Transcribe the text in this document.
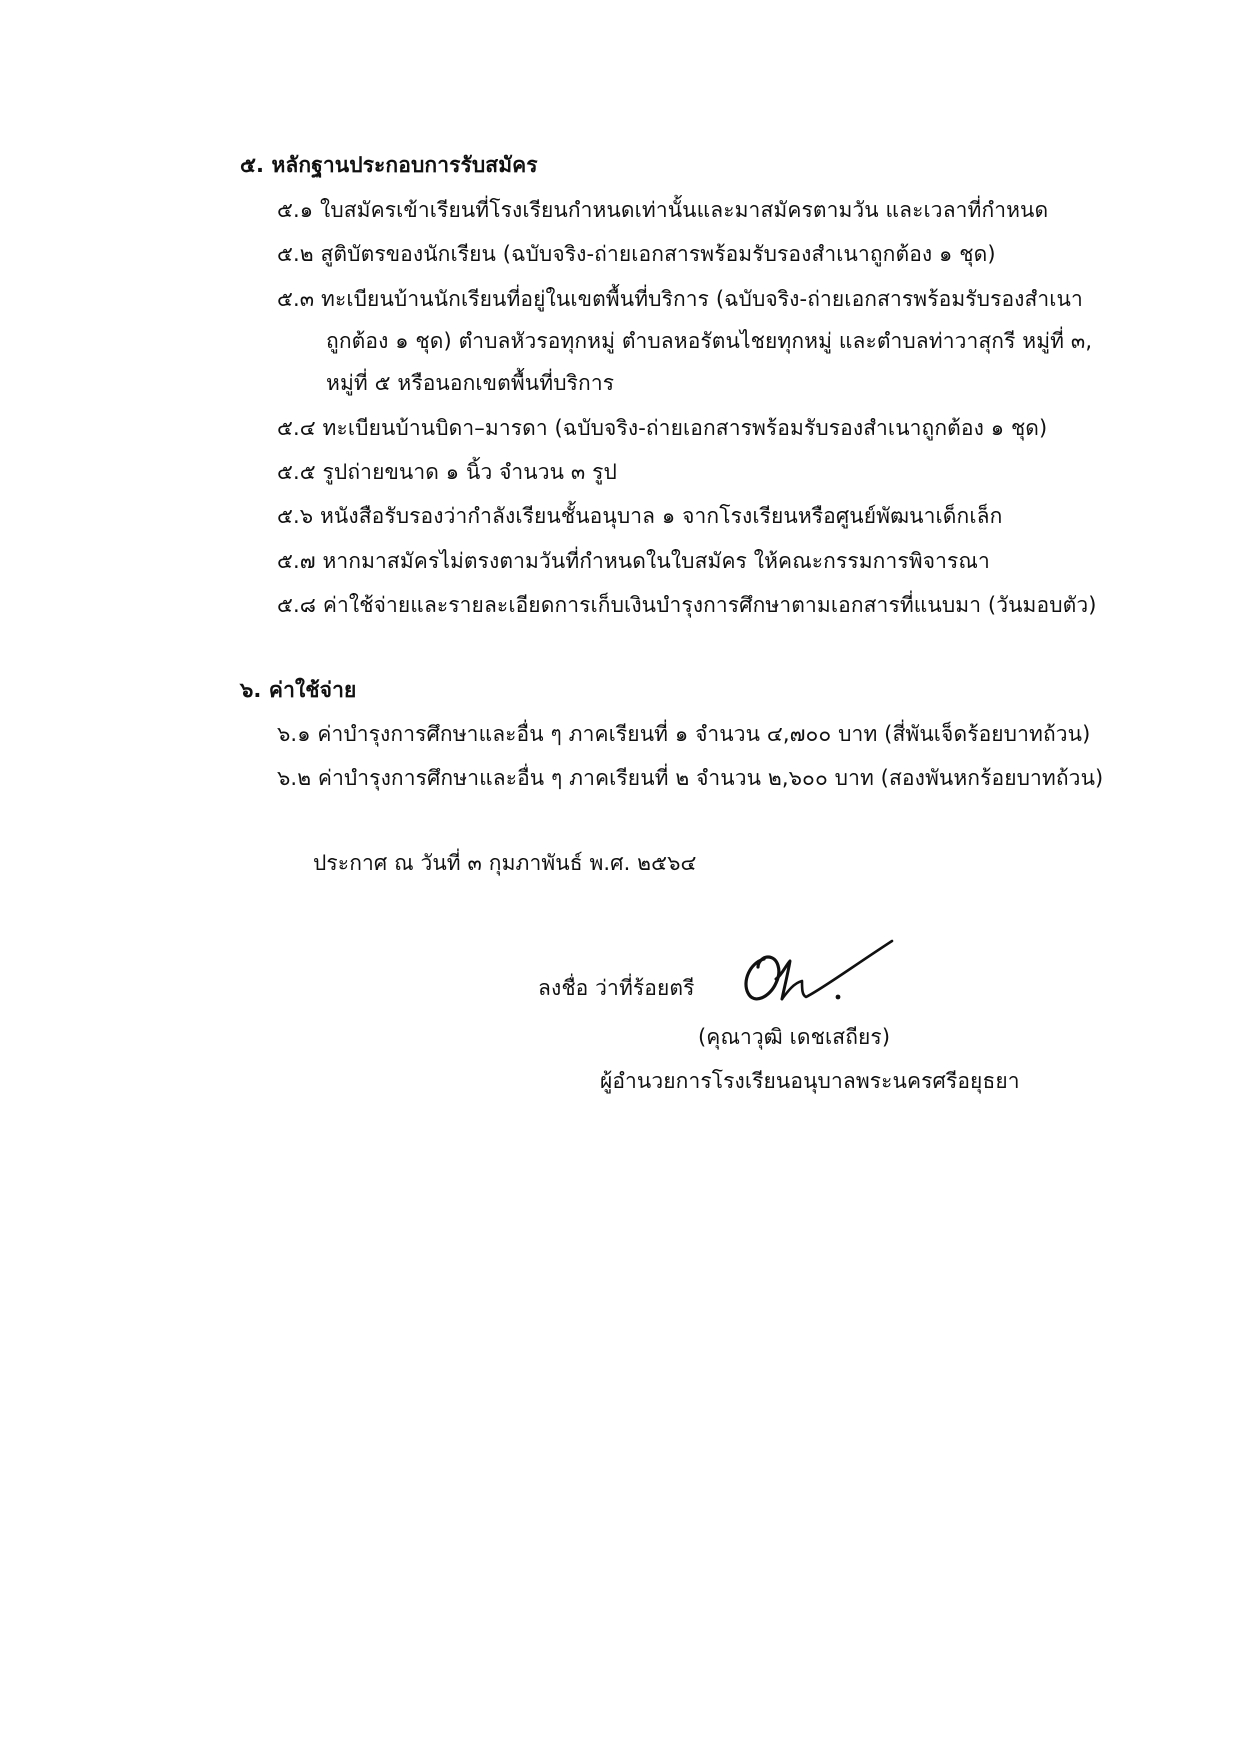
๕. หลักฐานประกอบการรับสมัคร
๕.๑ ใบสมัครเข้าเรียนที่โรงเรียนกำหนดเท่านั้นและมาสมัครตามวัน และเวลาที่กำหนด
๕.๒ สูติบัตรของนักเรียน (ฉบับจริง-ถ่ายเอกสารพร้อมรับรองสำเนาถูกต้อง ๑ ชุด)
๕.๓ ทะเบียนบ้านนักเรียนที่อยู่ในเขตพื้นที่บริการ (ฉบับจริง-ถ่ายเอกสารพร้อมรับรองสำเนา
ถูกต้อง ๑ ชุด) ตำบลหัวรอทุกหมู่ ตำบลหอรัตนไชยทุกหมู่ และตำบลท่าวาสุกรี หมู่ที่ ๓,
หมู่ที่ ๕ หรือนอกเขตพื้นที่บริการ
๕.๔ ทะเบียนบ้านบิดา–มารดา (ฉบับจริง-ถ่ายเอกสารพร้อมรับรองสำเนาถูกต้อง ๑ ชุด)
๕.๕ รูปถ่ายขนาด ๑ นิ้ว จำนวน ๓ รูป
๕.๖ หนังสือรับรองว่ากำลังเรียนชั้นอนุบาล ๑ จากโรงเรียนหรือศูนย์พัฒนาเด็กเล็ก
๕.๗ หากมาสมัครไม่ตรงตามวันที่กำหนดในใบสมัคร ให้คณะกรรมการพิจารณา
๕.๘ ค่าใช้จ่ายและรายละเอียดการเก็บเงินบำรุงการศึกษาตามเอกสารที่แนบมา (วันมอบตัว)
๖. ค่าใช้จ่าย
๖.๑ ค่าบำรุงการศึกษาและอื่น ๆ ภาคเรียนที่ ๑ จำนวน ๔,๗๐๐ บาท (สี่พันเจ็ดร้อยบาทถ้วน)
๖.๒ ค่าบำรุงการศึกษาและอื่น ๆ ภาคเรียนที่ ๒ จำนวน ๒,๖๐๐ บาท (สองพันหกร้อยบาทถ้วน)
ประกาศ ณ วันที่ ๓ กุมภาพันธ์ พ.ศ. ๒๕๖๔
ลงชื่อ ว่าที่ร้อยตรี
(คุณาวุฒิ เดชเสถียร)
ผู้อำนวยการโรงเรียนอนุบาลพระนครศรีอยุธยา
